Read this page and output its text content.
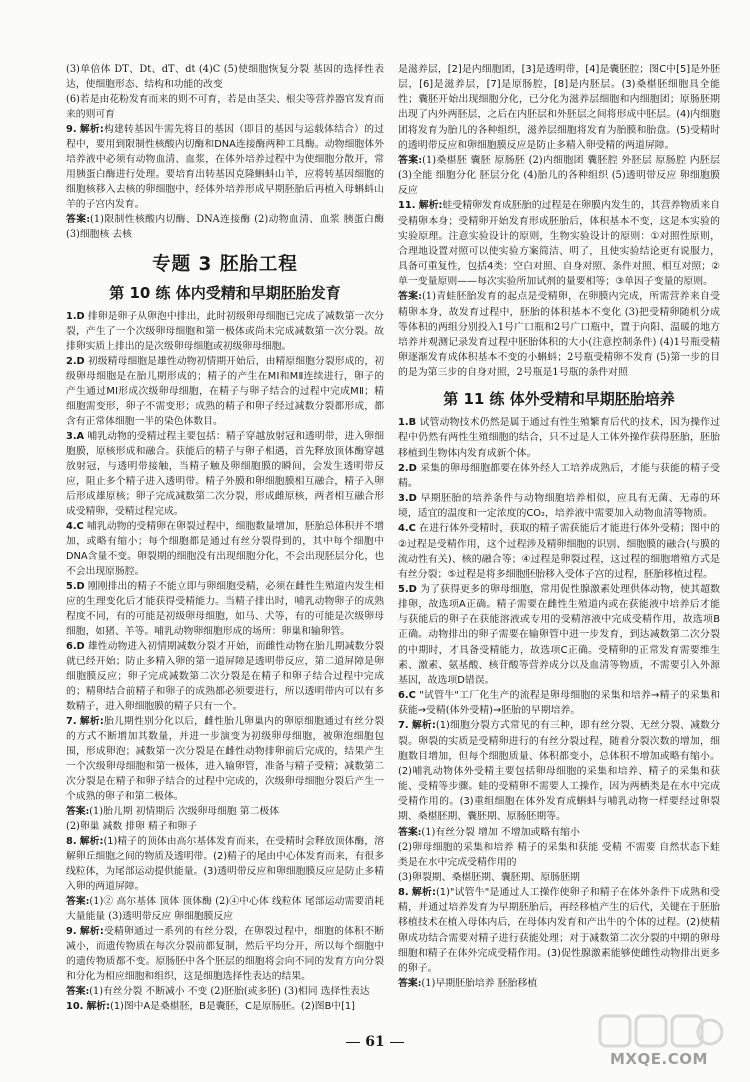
(3)单倍体 DT、Dt、dT、dt (4)C (5)使细胞恢复分裂 基因的选择性表达，使细胞形态、结构和功能的改变
(6)若是由花粉发育而来的则不可育，若是由茎尖、根尖等营养器官发育而来的则可育
9. 解析:构建转基因牛需先将目的基因（即目的基因与运载体结合）的过程中，要用到限制性核酸内切酶和DNA连接酶两种工具酶。动物细胞体外培养液中必须有动物血清、血浆，在体外培养过程中为使细胞分散开，常用胰蛋白酶进行处理。要培育出转基因克隆蝌蚪山羊，应将转基因细胞的细胞核移入去核的卵细胞中，经体外培养形成早期胚胎后再植入母蝌蚪山羊的子宫内发育。
答案:(1)限制性核酸内切酶、DNA连接酶 (2)动物血清、血浆 胰蛋白酶 (3)细胞核 去核
专题 3 胚胎工程
第 10 练 体内受精和早期胚胎发育
1.D 排卵是卵子从卵泡中排出，此时初级卵母细胞已完成了减数第一次分裂，产生了一个次级卵母细胞和第一极体或尚未完成减数第一次分裂。故排卵实质上排出的是次级卵母细胞或初级卵母细胞。
2.D 初级精母细胞是雄性动物初情期开始后，由精原细胞分裂形成的，初级卵母细胞是在胎儿期形成的；精子的产生在MⅠ和MⅡ连续进行，卵子的产生通过MⅠ形成次级卵母细胞，在精子与卵子结合的过程中完成MⅡ；精细胞需变形，卵子不需变形；成熟的精子和卵子经过减数分裂都形成，都含有正常体细胞一半的染色体数目。
3.A 哺乳动物的受精过程主要包括：精子穿越放射冠和透明带，进入卵细胞膜，原核形成和融合。获能后的精子与卵子相遇，首先释放顶体酶穿越放射冠，与透明带接触，当精子触及卵细胞膜的瞬间，会发生透明带反应，阻止多个精子进入透明带。精子外膜和卵细胞膜相互融合，精子入卵后形成雄原核；卵子完成减数第二次分裂，形成雌原核，两者相互融合形成受精卵，受精过程完成。
4.C 哺乳动物的受精卵在卵裂过程中，细胞数量增加，胚胎总体积并不增加，或略有缩小；每个细胞都是通过有丝分裂得到的，其中每个细胞中DNA含量不变。卵裂期的细胞没有出现细胞分化，不会出现胚层分化，也不会出现原肠腔。
5.D 刚刚排出的精子不能立即与卵细胞受精，必须在雌性生殖道内发生相应的生理变化后才能获得受精能力。当精子排出时，哺乳动物卵子的成熟程度不同，有的可能是初级卵母细胞，如马、犬等，有的可能是次级卵母细胞，如猪、羊等。哺乳动物卵细胞形成的场所：卵巢和输卵管。
6.D 雄性动物进入初情期减数分裂才开始，而雌性动物在胎儿期减数分裂就已经开始；防止多精入卵的第一道屏障是透明带反应，第二道屏障是卵细胞膜反应；卵子完成减数第二次分裂是在精子和卵子结合过程中完成的；精卵结合前精子和卵子的成熟都必须要进行，所以透明带内可以有多数精子，进入卵细胞膜的精子只有一个。
7. 解析:胎儿期性别分化以后，雌性胎儿卵巢内的卵原细胞通过有丝分裂的方式不断增加其数量，并进一步演变为初级卵母细胞，被卵泡细胞包围，形成卵泡；减数第一次分裂是在雌性动物排卵前后完成的，结果产生一个次级卵母细胞和第一极体，进入输卵管，准备与精子受精；减数第二次分裂是在精子和卵子结合的过程中完成的，次级卵母细胞分裂后产生一个成熟的卵子和第二极体。
答案:(1)胎儿期 初情期后 次级卵母细胞 第二极体
(2)卵巢 减数 排卵 精子和卵子
8. 解析:(1)精子的顶体由高尔基体发育而来，在受精时会释放顶体酶，溶解卵丘细胞之间的物质及透明带。(2)精子的尾由中心体发育而来，有很多线粒体，为尾部运动提供能量。(3)透明带反应和卵细胞膜反应是防止多精入卵的两道屏障。
答案:(1)② 高尔基体 顶体 顶体酶 (2)④中心体 线粒体 尾部运动需要消耗大量能量 (3)透明带反应 卵细胞膜反应
9. 解析:受精卵通过一系列的有丝分裂，在卵裂过程中，细胞的体积不断减小，而遗传物质在每次分裂前都复制，然后平均分开，所以每个细胞中的遗传物质都不变。原肠胚中各个胚层的细胞将会向不同的发育方向分裂和分化为相应细胞和组织，这是细胞选择性表达的结果。
答案:(1)有丝分裂 不断减小 不变 (2)胚胎(或多胚) (3)相同 选择性表达
10. 解析:(1)图中A是桑椹胚，B是囊胚，C是原肠胚。(2)图B中[1]
是滋养层，[2]是内细胞团，[3]是透明带，[4]是囊胚腔；图C中[5]是外胚层，[6]是滋养层，[7]是原肠腔，[8]是内胚层。(3)桑椹胚细胞具全能性；囊胚开始出现细胞分化，已分化为滋养层细胞和内细胞团；原肠胚期出现了内外两胚层，之后在内胚层和外胚层之间将形成中胚层。(4)内细胞团将发育为胎儿的各种组织，滋养层细胞将发育为胎膜和胎盘。(5)受精时的透明带反应和卵细胞膜反应是防止多精入卵受精的两道屏障。
答案:(1)桑椹胚 囊胚 原肠胚 (2)内细胞团 囊胚腔 外胚层 原肠腔 内胚层 (3)全能 细胞分化 胚层分化 (4)胎儿的各种组织 (5)透明带反应 卵细胞膜反应
11. 解析:蛙受精卵发育成胚胎的过程是在卵膜内发生的，其营养物质来自受精卵本身；受精卵开始发育形成胚胎后，体积基本不变，这是本实验的实验原理。注意实验设计的原则，生物实验设计的原则：①对照性原则，合理地设置对照可以使实验方案简洁、明了，且使实验结论更有说服力，具备可重复性，包括4类：空白对照、自身对照、条件对照、相互对照；②单一变量原则——每次实验所加试剂的量要相等；③单因子变量的原则。
答案:(1)青蛙胚胎发育的起点是受精卵，在卵膜内完成，所需营养来自受精卵本身，故发育过程中，胚胎的体积基本不变化 (3)把受精卵随机分成等体积的两组分别投入1号广口瓶和2号广口瓶中，置于向阳、温暖的地方培养并观测记录发育过程中胚胎体积的大小(注意控制条件) (4)1号瓶受精卵逐渐发育成体积基本不变的小蝌蚪；2号瓶受精卵不发育 (5)第一步的目的是为第三步的自身对照，2号瓶是1号瓶的条件对照
第 11 练 体外受精和早期胚胎培养
1.B 试管动物技术仍然是属于通过有性生殖繁育后代的技术，因为操作过程中仍然有两性生殖细胞的结合，只不过是人工体外操作获得胚胎，胚胎移植到生物体内发育成新个体。
2.D 采集的卵母细胞都要在体外经人工培养成熟后，才能与获能的精子受精。
3.D 早期胚胎的培养条件与动物细胞培养相似，应具有无菌、无毒的环境，适宜的温度和一定浓度的CO₂，培养液中需要加入动物血清等物质。
4.C 在进行体外受精时，获取的精子需获能后才能进行体外受精；图中的②过程是受精作用，这个过程涉及精卵细胞的识别、细胞膜的融合(与膜的流动性有关)、核的融合等；④过程是卵裂过程，这过程的细胞增殖方式是有丝分裂；⑤过程是将多细胞胚胎移入受体子宫的过程，胚胎移植过程。
5.D 为了获得更多的卵母细胞，常用促性腺激素处理供体动物，使其超数排卵，故选项A正确。精子需要在雌性生殖道内或在获能液中培养后才能与获能后的卵子在获能溶液或专用的受精溶液中完成受精作用，故选项B正确。动物排出的卵子需要在输卵管中进一步发育，到达减数第二次分裂的中期时，才具备受精能力，故选项C正确。受精卵的正常发育需要维生素、激素、氨基酸、核苷酸等营养成分以及血清等物质，不需要引入外源基因，故选项D错误。
6.C "试管牛"工厂化生产的流程是卵母细胞的采集和培养→精子的采集和获能→受精(体外受精)→胚胎的早期培养。
7. 解析:(1)细胞分裂方式常见的有三种，即有丝分裂、无丝分裂、减数分裂。卵裂的实质是受精卵进行的有丝分裂过程，随着分裂次数的增加，细胞数目增加，但每个细胞质量、体积都变小，总体积不增加或略有缩小。(2)哺乳动物体外受精主要包括卵母细胞的采集和培养、精子的采集和获能、受精等步骤。蛙的受精卵不需要人工操作，因为两栖类是在水中完成受精作用的。(3)重组细胞在体外发育成蝌蚪与哺乳动物一样要经过卵裂期、桑椹胚期、囊胚期、原肠胚期等。
答案:(1)有丝分裂 增加 不增加或略有缩小
(2)卵母细胞的采集和培养 精子的采集和获能 受精 不需要 自然状态下蛙类是在水中完成受精作用的
(3)卵裂期、桑椹胚期、囊胚期、原肠胚期
8. 解析:(1)"试管牛"是通过人工操作使卵子和精子在体外条件下成熟和受精，并通过培养发育为早期胚胎后，再经移植产生的后代，关键在于胚胎移植技术在植入母体内后，在母体内发育和产出牛的个体的过程。(2)使精卵成功结合需要对精子进行获能处理；对于减数第二次分裂的中期的卵母细胞和精子在体外完成受精作用。(3)促性腺激素能够使雌性动物排出更多的卵子。
答案:(1)早期胚胎培养 胚胎移植
61
MXQE.COM
